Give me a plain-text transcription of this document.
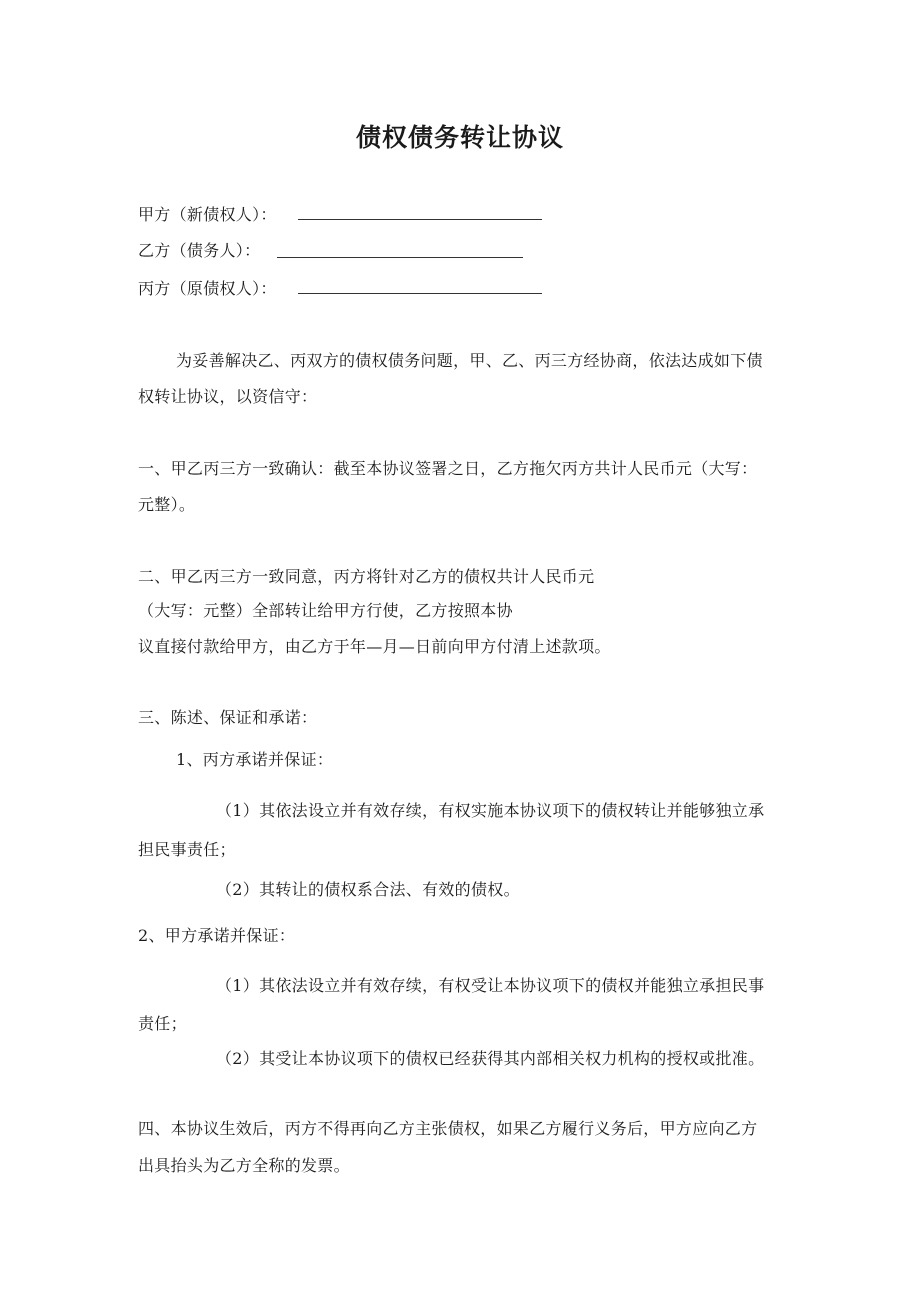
债权债务转让协议

甲方（新债权人）：

乙方（债务人）：

丙方（原债权人）：

为妥善解决乙、丙双方的债权债务问题，甲、乙、丙三方经协商，依法达成如下债

权转让协议，以资信守：

一、甲乙丙三方一致确认：截至本协议签署之日，乙方拖欠丙方共计人民币元（大写：

元整）。

二、甲乙丙三方一致同意，丙方将针对乙方的债权共计人民币元

（大写：元整）全部转让给甲方行使，乙方按照本协

议直接付款给甲方，由乙方于年—月—日前向甲方付清上述款项。

三、陈述、保证和承诺：

1、丙方承诺并保证：

（1）其依法设立并有效存续，有权实施本协议项下的债权转让并能够独立承

担民事责任；

（2）其转让的债权系合法、有效的债权。

2、甲方承诺并保证：

（1）其依法设立并有效存续，有权受让本协议项下的债权并能独立承担民事

责任；

（2）其受让本协议项下的债权已经获得其内部相关权力机构的授权或批准。

四、本协议生效后，丙方不得再向乙方主张债权，如果乙方履行义务后，甲方应向乙方

出具抬头为乙方全称的发票。
